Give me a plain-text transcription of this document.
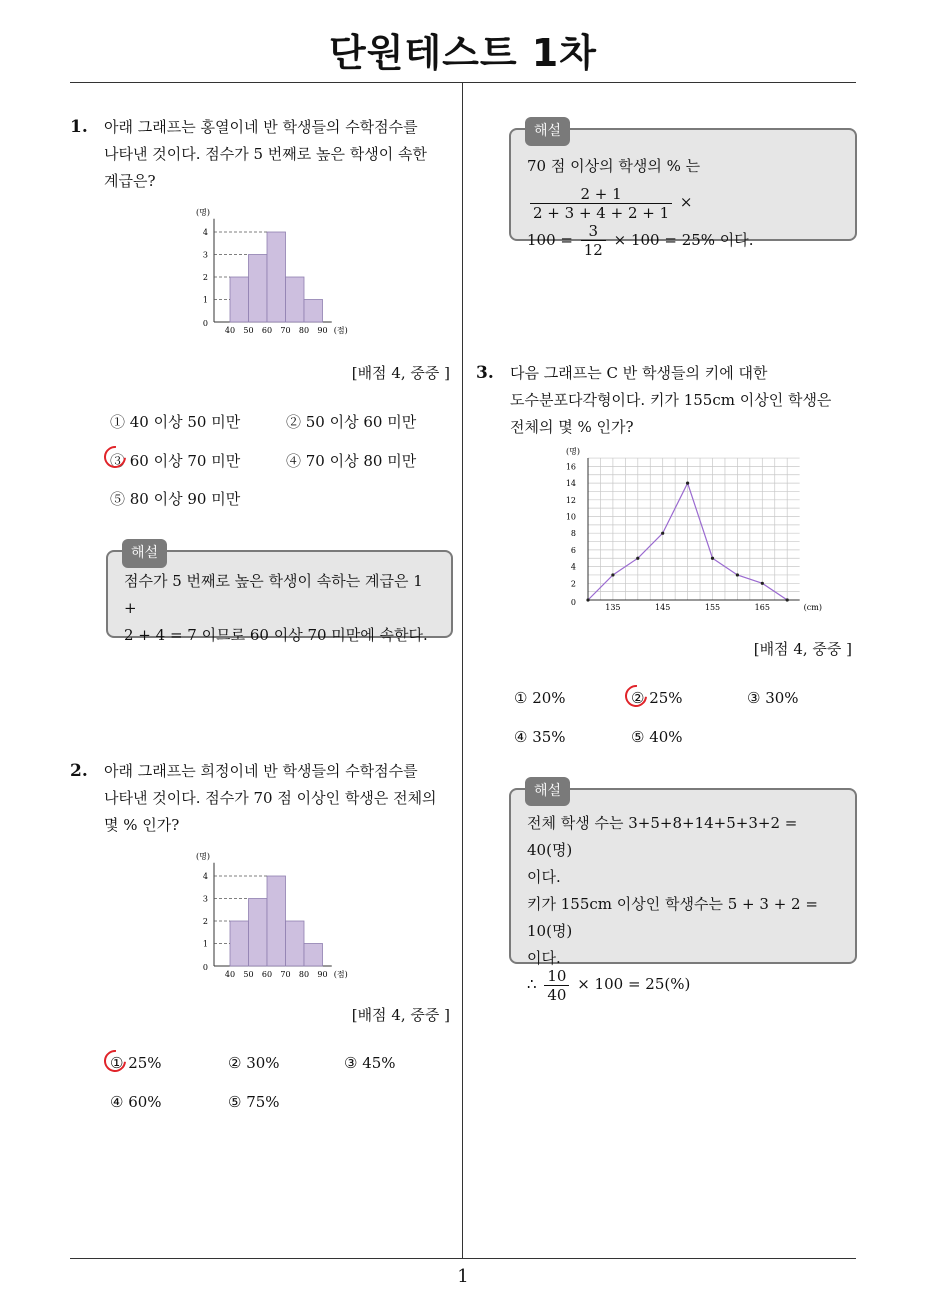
단원테스트 1차
1
1. 아래 그래프는 홍열이네 반 학생들의 수학점수를
나타낸 것이다. 점수가 5 번째로 높은 학생이 속한
계급은?
0
1
2
3
4
40 50 60 70 80 90 (점)
(명)
[배점 4, 중중 ]
① 40 이상 50 미만	② 50 이상 60 미만
③ 60 이상 70 미만	④ 70 이상 80 미만
⑤ 80 이상 90 미만
해설
점수가 5 번째로 높은 학생이 속하는 계급은 1 +
2 + 4 = 7 이므로 60 이상 70 미만에 속한다.
2. 아래 그래프는 희정이네 반 학생들의 수학점수를
나타낸 것이다. 점수가 70 점 이상인 학생은 전체의
몇 % 인가?
0
1
2
3
4
40 50 60 70 80 90 (점)
(명)
[배점 4, 중중 ]
① 25%	② 30%	③ 45%
④ 60%	⑤ 75%
해설
70 점 이상의 학생의 % 는
$\frac{2 + 1}{2 + 3 + 4 + 2 + 1}$ ×
$100 = \frac{3}{12} \times 100 = 25\%$ 이다.
3. 다음 그래프는 C 반 학생들의 키에 대한
도수분포다각형이다. 키가 155cm 이상인 학생은
전체의 몇 % 인가?
0
2
4
6
8
10
12
14
16
135	145	155	165	(cm)
(명)
[배점 4, 중중 ]
① 20%	② 25%	③ 30%
④ 35%	⑤ 40%
해설
전체 학생 수는 3+5+8+14+5+3+2 = 40(명)
이다.
키가 155cm 이상인 학생수는 5 + 3 + 2 = 10(명)
이다.
∴ $\frac{10}{40} \times 100 = 25(\%)$
